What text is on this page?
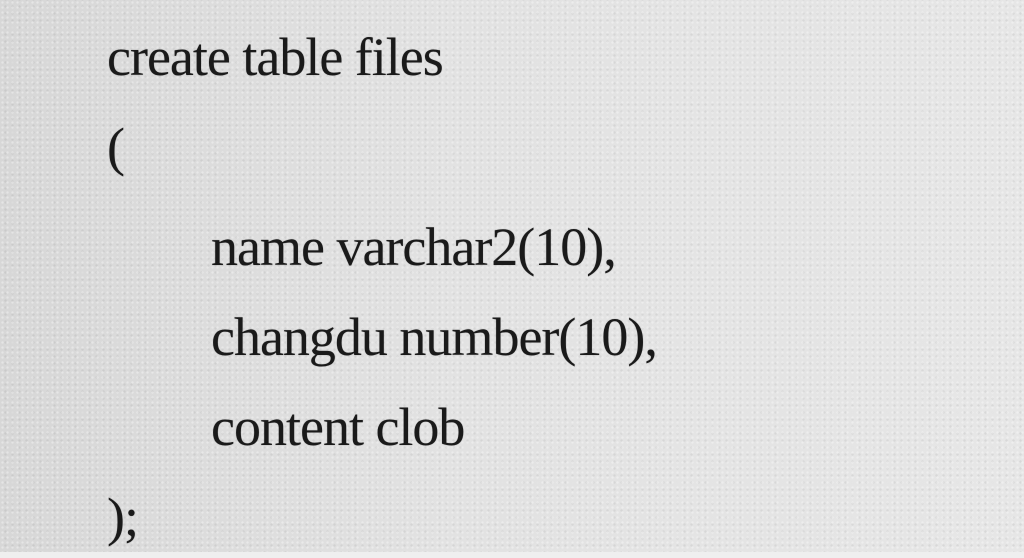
create table files

(

name varchar2(10),

changdu number(10),

content clob

);
